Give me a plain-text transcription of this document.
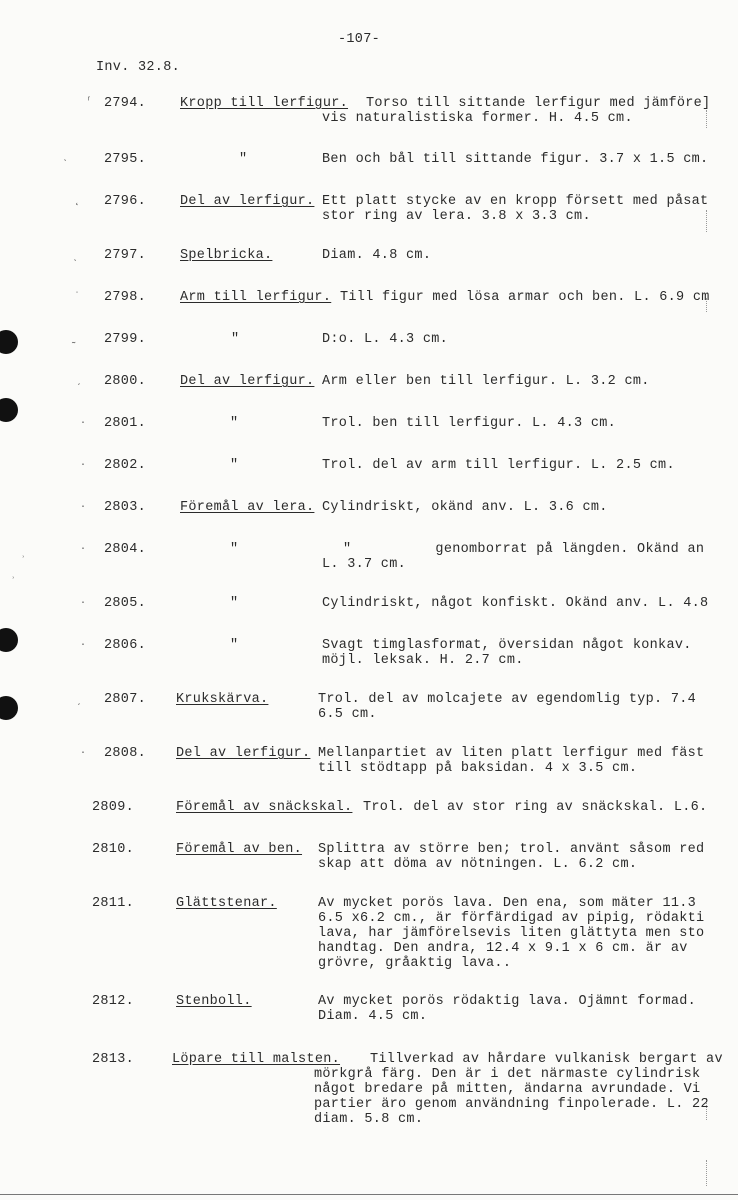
-107-
Inv. 32.8.
ʳ
ˎ
˛
ˎ
ˈ
˷
ˏ
·
·
·
·
ʾ
˒
·
·
ˏ
·
2794.	Kropp till lerfigur. Torso till sittande lerfigur med jämföre]
vis naturalistiska former. H. 4.5 cm.
2795.	"	Ben och bål till sittande figur. 3.7 x 1.5 cm.
2796.	Del av lerfigur. Ett platt stycke av en kropp försett med påsat
stor ring av lera. 3.8 x 3.3 cm.
2797.	Spelbricka.	Diam. 4.8 cm.
2798.	Arm till lerfigur. Till figur med lösa armar och ben. L. 6.9 cm
2799.	"	D:o. L. 4.3 cm.
2800.	Del av lerfigur. Arm eller ben till lerfigur. L. 3.2 cm.
2801.	"	Trol. ben till lerfigur. L. 4.3 cm.
2802.	"	Trol. del av arm till lerfigur. L. 2.5 cm.
2803.	Föremål av lera. Cylindriskt, okänd anv. L. 3.6 cm.
2804.	"	"          genomborrat på längden. Okänd an
L. 3.7 cm.
2805.	"	Cylindriskt, något konfiskt. Okänd anv. L. 4.8
2806.	"	Svagt timglasformat, översidan något konkav.
möjl. leksak. H. 2.7 cm.
2807. Krukskärva.	Trol. del av molcajete av egendomlig typ. 7.4
6.5 cm.
2808. Del av lerfigur. Mellanpartiet av liten platt lerfigur med fäst
till stödtapp på baksidan. 4 x 3.5 cm.
2809.	Föremål av snäckskal. Trol. del av stor ring av snäckskal. L.6.
2810.	Föremål av ben. Splittra av större ben; trol. använt såsom red
skap att döma av nötningen. L. 6.2 cm.
2811.	Glättstenar.	Av mycket porös lava. Den ena, som mäter 11.3
6.5 x6.2 cm., är förfärdigad av pipig, rödakti
lava, har jämförelsevis liten glättyta men sto
handtag. Den andra, 12.4 x 9.1 x 6 cm. är av
grövre, gråaktig lava..
2812.	Stenboll.	Av mycket porös rödaktig lava. Ojämnt formad.
Diam. 4.5 cm.
2813.	Löpare till malsten. Tillverkad av hårdare vulkanisk bergart av
mörkgrå färg. Den är i det närmaste cylindrisk
något bredare på mitten, ändarna avrundade. Vi
partier äro genom användning finpolerade. L. 22
diam. 5.8 cm.
